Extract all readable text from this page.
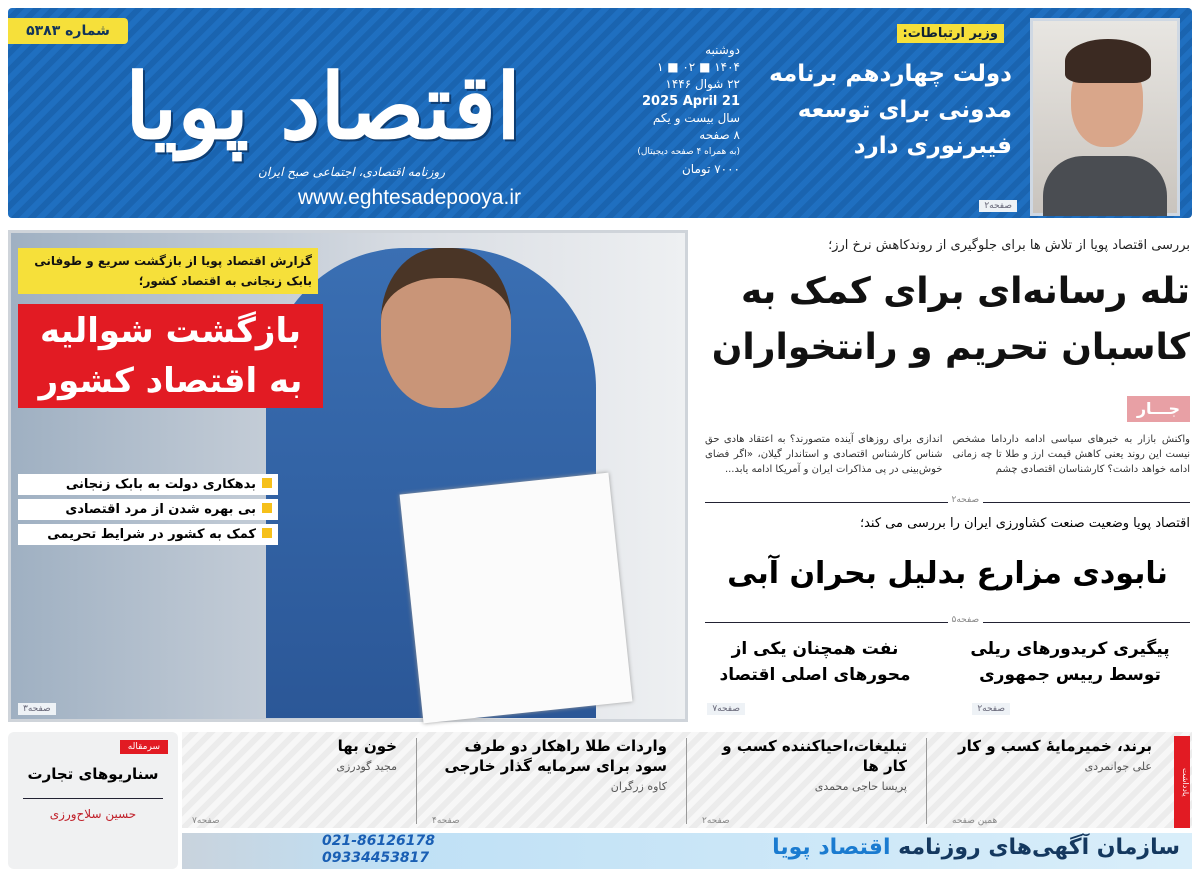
شماره ۵۳۸۳
اقتصاد پویا
روزنامه اقتصادی، اجتماعی صبح ایران
www.eghtesadepooya.ir
دوشنبه
۱۴۰۴ ■ ۰۲ ■ ۱
۲۲ شوال ۱۴۴۶
2025 April 21
سال بیست و یکم
۸ صفحه
(به همراه ۴ صفحه دیجیتال)
۷۰۰۰ تومان
وزیر ارتباطات:
دولت چهاردهم برنامه مدونی برای توسعه فیبرنوری دارد
صفحه۲
گزارش اقتصاد پویا از بازگشت سریع و طوفانی بابک زنجانی به اقتصاد کشور؛
بازگشت شوالیه به اقتصاد کشور
بدهکاری دولت به بابک زنجانی
بی بهره شدن از مرد اقتصادی
کمک به کشور در شرایط تحریمی
صفحه۳
بررسی اقتصاد پویا از تلاش ها برای جلوگیری از روندکاهش نرخ ارز؛
تله رسانه‌ای برای کمک به کاسبان تحریم و رانتخواران
جـــار

واکنش بازار به خبرهای سیاسی ادامه دارداما مشخص نیست این روند یعنی کاهش قیمت ارز و طلا تا چه زمانی ادامه خواهد داشت؟ کارشناسان اقتصادی چشم

اندازی برای روزهای آینده متصورند؟ به اعتقاد هادی حق شناس کارشناس اقتصادی و استاندار گیلان، «اگر فضای خوش‌بینی در پی مذاکرات ایران و آمریکا ادامه یابد...

صفحه۲
اقتصاد پویا وضعیت صنعت کشاورزی ایران را بررسی می کند؛
نابودی مزارع بدلیل بحران آبی
صفحه۵
پیگیری کریدورهای ریلی توسط رییس جمهوری
صفحه۲
نفت همچنان یکی از محورهای اصلی اقتصاد
صفحه۷
سرمقاله
سناریوهای تجارت
حسین سلاح‌ورزی
برند، خمیرمایهٔ کسب و کار
علی جوانمردی
همین صفحه
تبلیغات،احیاکننده کسب و کار ها
پریسا حاجی محمدی
صفحه۲
واردات طلا راهکار دو طرف سود برای سرمایه گذار خارجی
کاوه زرگران
صفحه۴
خون بها
مجید گودرزی
صفحه۷
یادداشت
021-86126178
09334453817	سازمان آگهی‌های روزنامه اقتصاد پویا
